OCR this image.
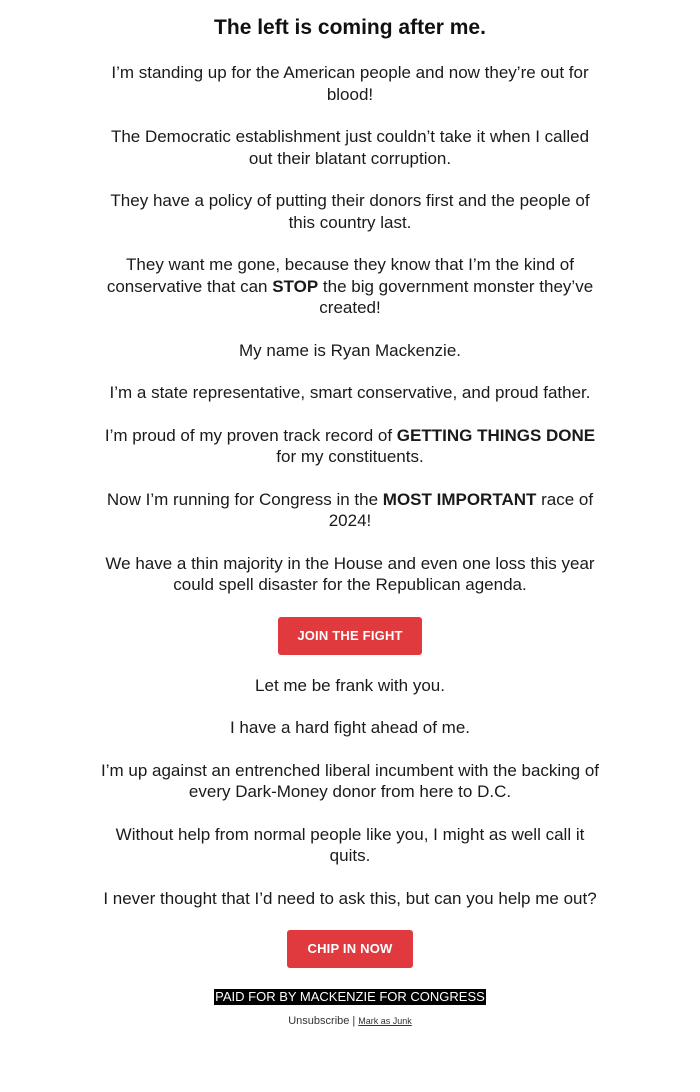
The left is coming after me.

I’m standing up for the American people and now they’re out for blood!

The Democratic establishment just couldn’t take it when I called out their blatant corruption.

They have a policy of putting their donors first and the people of this country last.

They want me gone, because they know that I’m the kind of conservative that can STOP the big government monster they’ve created!

My name is Ryan Mackenzie.

I’m a state representative, smart conservative, and proud father.

I’m proud of my proven track record of GETTING THINGS DONE for my constituents.

Now I’m running for Congress in the MOST IMPORTANT race of 2024!

We have a thin majority in the House and even one loss this year could spell disaster for the Republican agenda.

JOIN THE FIGHT

Let me be frank with you.

I have a hard fight ahead of me.

I’m up against an entrenched liberal incumbent with the backing of every Dark-Money donor from here to D.C.

Without help from normal people like you, I might as well call it quits.

I never thought that I’d need to ask this, but can you help me out?

CHIP IN NOW
PAID FOR BY MACKENZIE FOR CONGRESS
Unsubscribe | Mark as Junk
